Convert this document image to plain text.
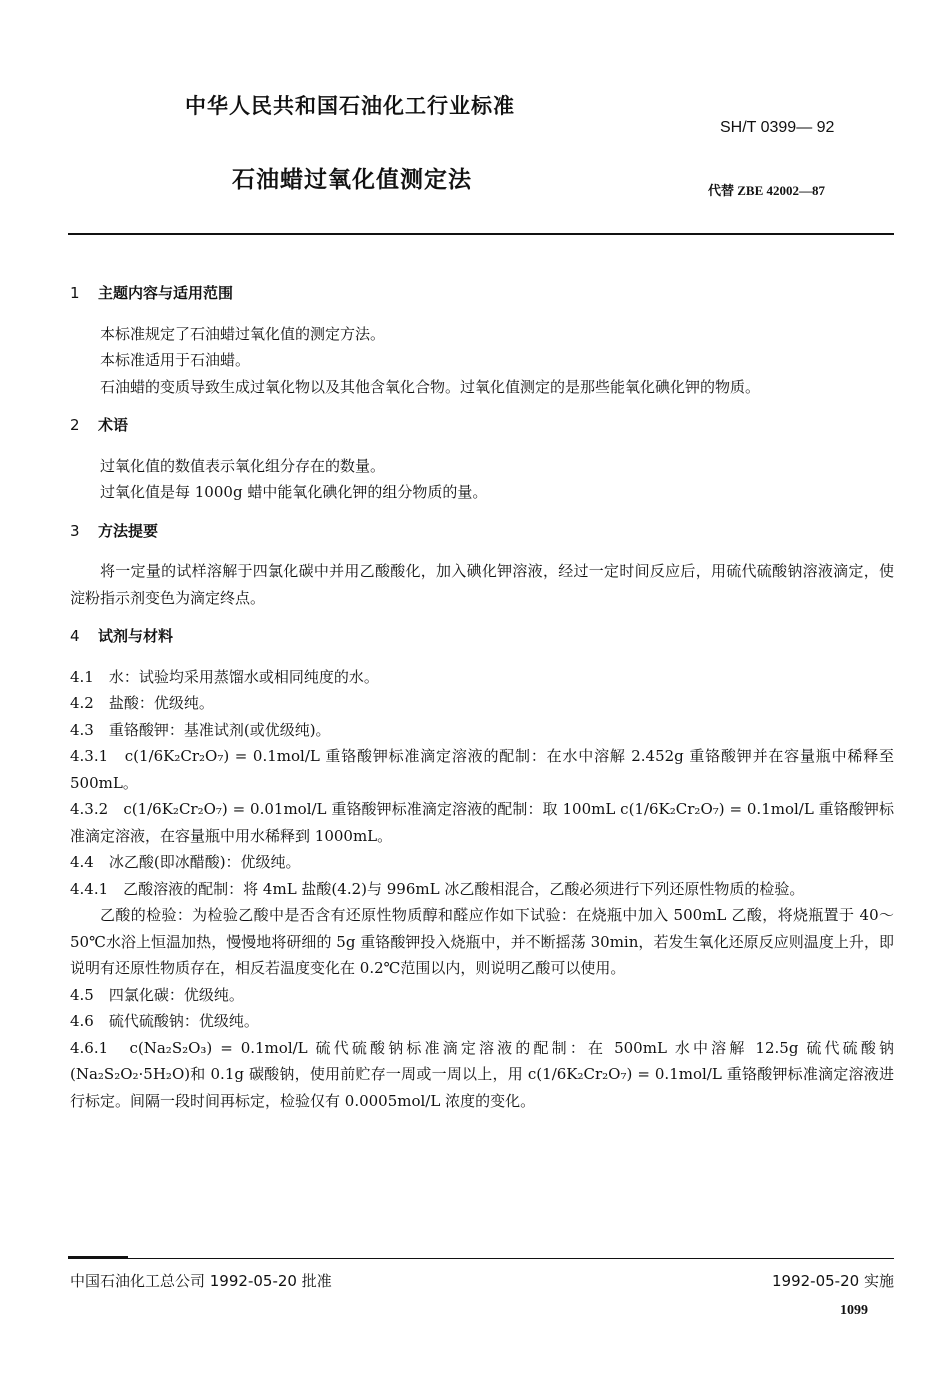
中华人民共和国石油化工行业标准
SH/T 0399— 92
石油蜡过氧化值测定法	代替 ZBE 42002—87
1 主题内容与适用范围

本标准规定了石油蜡过氧化值的测定方法。

本标准适用于石油蜡。

石油蜡的变质导致生成过氧化物以及其他含氧化合物。过氧化值测定的是那些能氧化碘化钾的物质。

2 术语

过氧化值的数值表示氧化组分存在的数量。

过氧化值是每 1000g 蜡中能氧化碘化钾的组分物质的量。

3 方法提要

将一定量的试样溶解于四氯化碳中并用乙酸酸化，加入碘化钾溶液，经过一定时间反应后，用硫代硫酸钠溶液滴定，使淀粉指示剂变色为滴定终点。

4 试剂与材料

4.1　水：试验均采用蒸馏水或相同纯度的水。

4.2　盐酸：优级纯。

4.3　重铬酸钾：基准试剂(或优级纯)。

4.3.1　c(1/6K₂Cr₂O₇) = 0.1mol/L 重铬酸钾标准滴定溶液的配制：在水中溶解 2.452g 重铬酸钾并在容量瓶中稀释至 500mL。

4.3.2　c(1/6K₂Cr₂O₇) = 0.01mol/L 重铬酸钾标准滴定溶液的配制：取 100mL c(1/6K₂Cr₂O₇) = 0.1mol/L 重铬酸钾标准滴定溶液，在容量瓶中用水稀释到 1000mL。

4.4　冰乙酸(即冰醋酸)：优级纯。

4.4.1　乙酸溶液的配制：将 4mL 盐酸(4.2)与 996mL 冰乙酸相混合，乙酸必须进行下列还原性物质的检验。

乙酸的检验：为检验乙酸中是否含有还原性物质醇和醛应作如下试验：在烧瓶中加入 500mL 乙酸，将烧瓶置于 40～50℃水浴上恒温加热，慢慢地将研细的 5g 重铬酸钾投入烧瓶中，并不断摇荡 30min，若发生氧化还原反应则温度上升，即说明有还原性物质存在，相反若温度变化在 0.2℃范围以内，则说明乙酸可以使用。

4.5　四氯化碳：优级纯。

4.6　硫代硫酸钠：优级纯。

4.6.1　c(Na₂S₂O₃) = 0.1mol/L 硫代硫酸钠标准滴定溶液的配制：在 500mL 水中溶解 12.5g 硫代硫酸钠(Na₂S₂O₂·5H₂O)和 0.1g 碳酸钠，使用前贮存一周或一周以上，用 c(1/6K₂Cr₂O₇) = 0.1mol/L 重铬酸钾标准滴定溶液进行标定。间隔一段时间再标定，检验仅有 0.0005mol/L 浓度的变化。

中国石油化工总公司 1992-05-20 批准	1992-05-20 实施
1099
